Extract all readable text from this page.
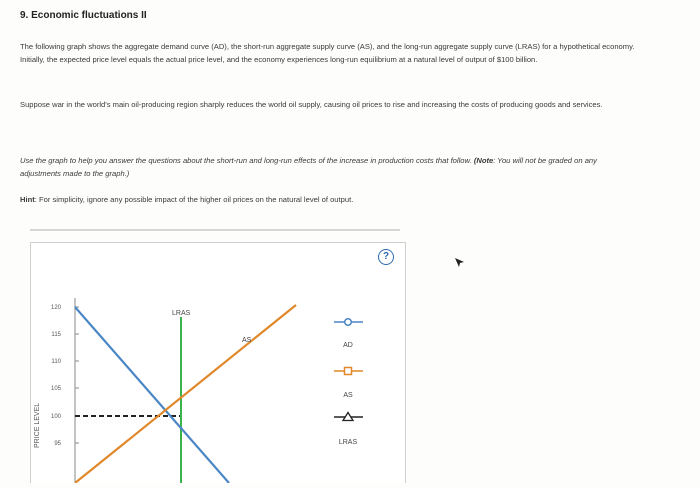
9. Economic fluctuations II
The following graph shows the aggregate demand curve (AD), the short-run aggregate supply curve (AS), and the long-run aggregate supply curve (LRAS) for a hypothetical economy. Initially, the expected price level equals the actual price level, and the economy experiences long-run equilibrium at a natural level of output of $100 billion.
Suppose war in the world's main oil-producing region sharply reduces the world oil supply, causing oil prices to rise and increasing the costs of producing goods and services.
Use the graph to help you answer the questions about the short-run and long-run effects of the increase in production costs that follow. (Note: You will not be graded on any adjustments made to the graph.)
Hint: For simplicity, ignore any possible impact of the higher oil prices on the natural level of output.
120
115
110
105
100
95
PRICE LEVEL
LRAS
AS
AD
AS
LRAS
?
